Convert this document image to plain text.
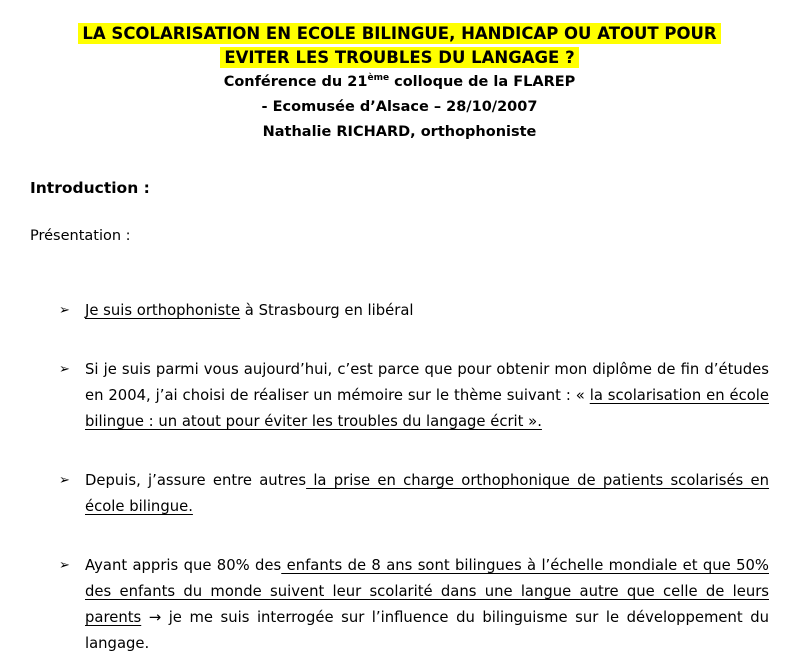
LA SCOLARISATION EN ECOLE BILINGUE, HANDICAP OU ATOUT POUR
EVITER LES TROUBLES DU LANGAGE ?
Conférence du 21ème colloque de la FLAREP
- Ecomusée d’Alsace – 28/10/2007
Nathalie RICHARD, orthophoniste
Introduction :
Présentation :
➢ Je suis orthophoniste à Strasbourg en libéral
➢ Si je suis parmi vous aujourd’hui, c’est parce que pour obtenir mon diplôme de fin d’études en 2004, j’ai choisi de réaliser un mémoire sur le thème suivant : « la scolarisation en école bilingue : un atout pour éviter les troubles du langage écrit ».
➢ Depuis, j’assure entre autres la prise en charge orthophonique de patients scolarisés en école bilingue.
➢ Ayant appris que 80% des enfants de 8 ans sont bilingues à l’échelle mondiale et que 50% des enfants du monde suivent leur scolarité dans une langue autre que celle de leurs parents → je me suis interrogée sur l’influence du bilinguisme sur le développement du langage.
